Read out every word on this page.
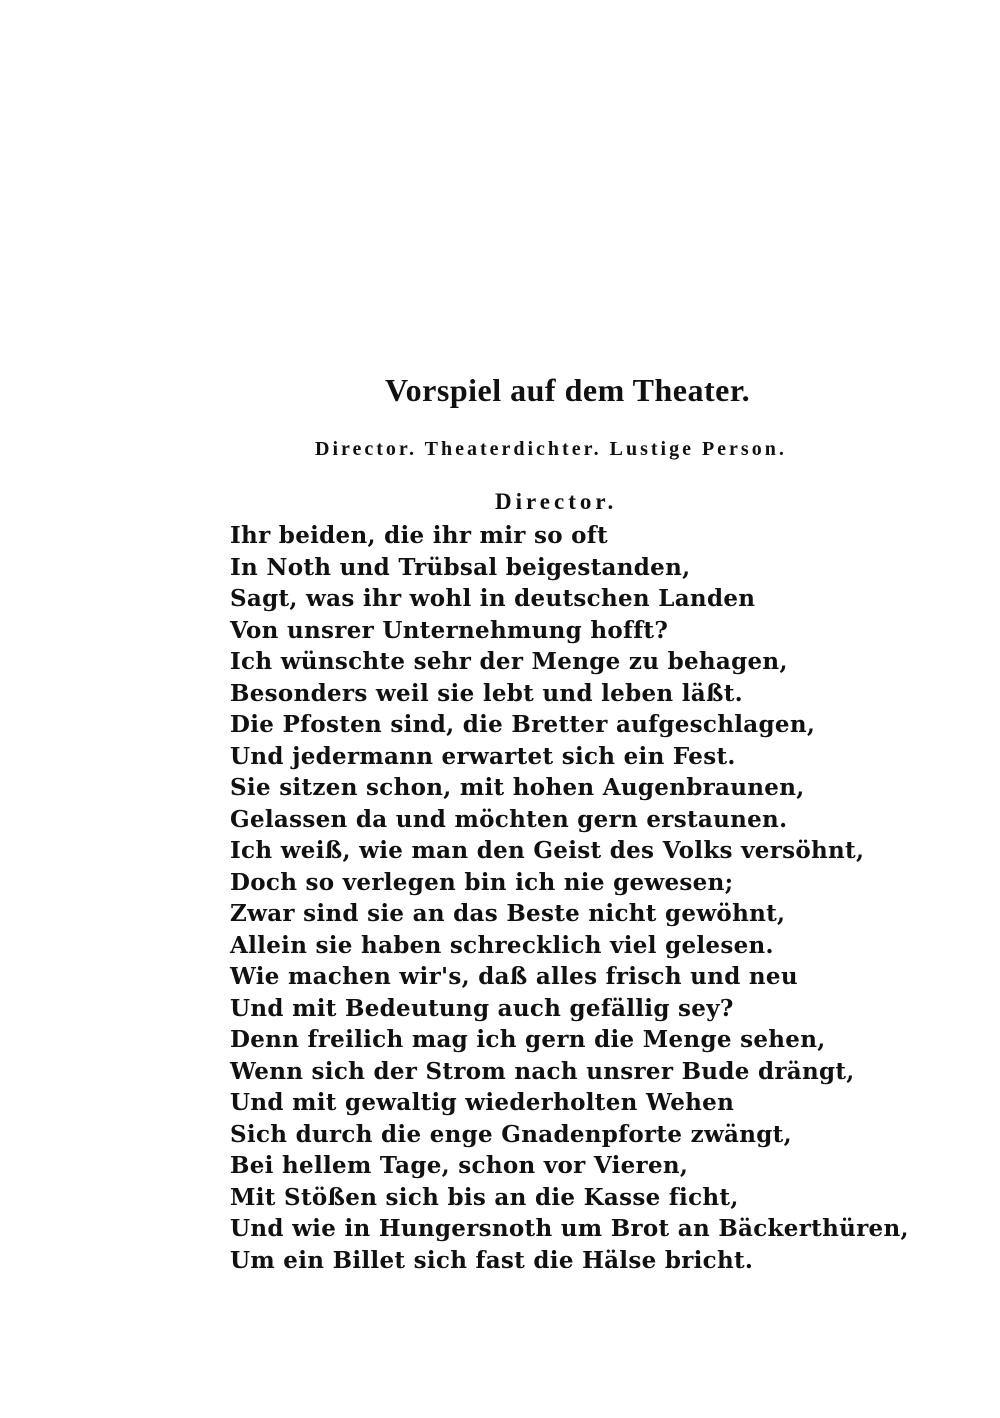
Vorspiel auf dem Theater.
Director. Theaterdichter. Lustige Person.
Director.
Ihr beiden, die ihr mir so oft
In Noth und Trübsal beigestanden,
Sagt, was ihr wohl in deutschen Landen
Von unsrer Unternehmung hofft?
Ich wünschte sehr der Menge zu behagen,
Besonders weil sie lebt und leben läßt.
Die Pfosten sind, die Bretter aufgeschlagen,
Und jedermann erwartet sich ein Fest.
Sie sitzen schon, mit hohen Augenbraunen,
Gelassen da und möchten gern erstaunen.
Ich weiß, wie man den Geist des Volks versöhnt,
Doch so verlegen bin ich nie gewesen;
Zwar sind sie an das Beste nicht gewöhnt,
Allein sie haben schrecklich viel gelesen.
Wie machen wir's, daß alles frisch und neu
Und mit Bedeutung auch gefällig sey?
Denn freilich mag ich gern die Menge sehen,
Wenn sich der Strom nach unsrer Bude drängt,
Und mit gewaltig wiederholten Wehen
Sich durch die enge Gnadenpforte zwängt,
Bei hellem Tage, schon vor Vieren,
Mit Stößen sich bis an die Kasse ficht,
Und wie in Hungersnoth um Brot an Bäckerthüren,
Um ein Billet sich fast die Hälse bricht.
